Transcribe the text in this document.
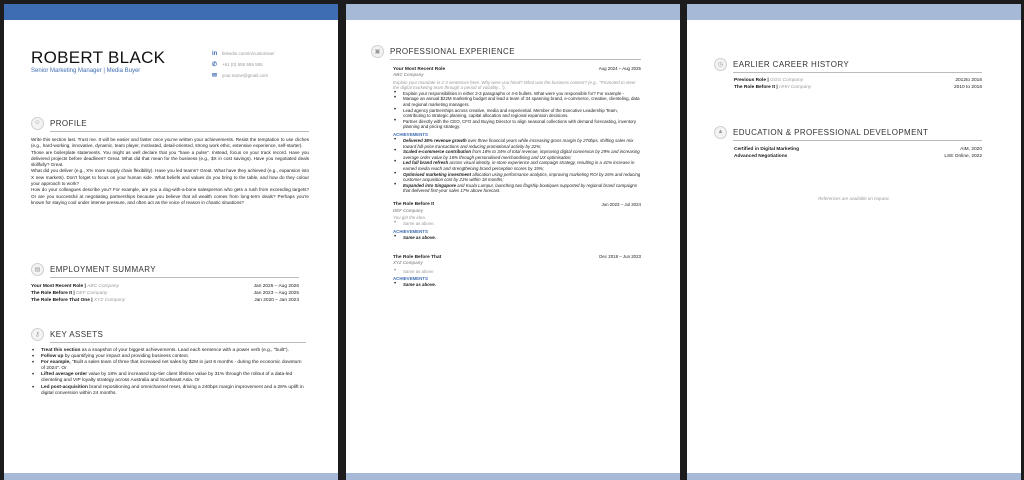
ROBERT BLACK
Senior Marketing Manager | Media Buyer
in	linkedin.com/in/customise/
✆	+61 (0) 555 555 555
✉	your.name@gmail.com
☺	PROFILE

Write this section last. Trust me. It will be easier and faster once you've written your achievements. Resist the temptation to use cliches (e.g., hard-working, innovative, dynamic, team player, motivated, detail-oriented, strong work ethic, extensive experience, self-starter).

Those are boilerplate statements. You might as well declare that you "have a pulse". Instead, focus on your track record. Have you delivered projects before deadlines? Great. What did that mean for the business (e.g., $X in cost savings). Have you negotiated deals skillfully? Great.

What did you deliver (e.g., X% more supply chain flexibility). Have you led teams? Great. What have they achieved (e.g., expansion into X new markets). Don't forget to focus on your human side. What beliefs and values do you bring to the table, and how do they colour your approach to work?

How do your colleagues describe you? For example, are you a dog-with-a-bone salesperson who gets a rush from exceeding targets? Or are you successful at negotiating partnerships because you believe that all wealth comes from long-term deals? Perhaps you're known for staying cool under intense pressure, and often act as the voice of reason in chaotic situations?

▤	EMPLOYMENT SUMMARY
Your Most Recent Role | ABC Company	Jan 2025 – Aug 2026
The Role Before It | DEF Company	Jan 2023 – Aug 2025
The Role Before That One | XYZ Company	Jan 2020 – Jan 2023
⚷	KEY ASSETS
• Treat this section as a snapshot of your biggest achievements. Lead each sentence with a power verb (e.g., "built").
• Follow up by quantifying your impact and providing business context.
• For example, "Built a sales team of three that increased net sales by $2M in just 6 months - during the economic downturn of 2024". Or
• Lifted average order value by 18% and increased top-tier client lifetime value by 31% through the rollout of a data-led clienteling and VIP loyalty strategy across Australia and Southeast Asia. Or
• Led post-acquisition brand repositioning and omnichannel reset, driving a 240bps margin improvement and a 28% uplift in digital conversion within 24 months.
▣	PROFESSIONAL EXPERIENCE
Your Most Recent Role	Aug 2024 – Aug 2025
ABC Company
Explain your mandate in 2-3 sentences here. Why were you hired? What was the business context? (e.g., "Promoted to steer the digital marketing team through a period of volatility...").
• Explain your responsibilities in either 2-3 paragraphs or 4-6 bullets. What were you responsible for? For example -
• Manage an annual $22M marketing budget and lead a team of 34 spanning brand, e-commerce, creative, clienteling, data and regional marketing managers.
• Lead agency partnerships across creative, media and experiential. Member of the Executive Leadership Team, contributing to strategic planning, capital allocation and regional expansion decisions.
• Partner directly with the CEO, CFO and Buying Director to align seasonal collections with demand forecasting, inventory planning and pricing strategy.
ACHIEVEMENTS
• Delivered 38% revenue growth over three financial years while increasing gross margin by 270bps, shifting sales mix toward full-price transactions and reducing promotional activity by 22%;
• Scaled e-commerce contribution from 18% to 34% of total revenue, improving digital conversion by 29% and increasing average order value by 16% through personalised merchandising and UX optimisation;
• Led full brand refresh across visual identity, in-store experience and campaign strategy, resulting in a 41% increase in earned media reach and strengthening brand perception scores by 19%;
• Optimised marketing investment allocation using performance analytics, improving marketing ROI by 26% and reducing customer acquisition cost by 21% within 18 months;
• Expanded into Singapore and Kuala Lumpur, launching two flagship boutiques supported by regional brand campaigns that delivered first-year sales 17% above forecast.
The Role Before It	Jun 2023 – Jul 2024
DEF Company
You get the idea.
• Same as above.
ACHIEVEMENTS
• Same as above.
The Role Before That	Dec 2018 – Jun 2023
XYZ Company
• Same as above
ACHIEVEMENTS
• Same as above.
◷	EARLIER CAREER HISTORY
Previous Role | GGG Company	2012to 2016
The Role Before It | HHH Company	2010 to 2016
▲	EDUCATION & PROFESSIONAL DEVELOPMENT
Certified in Digital Marketing	AIM, 2020
Advanced Negotiations	LSE Online, 2022
References are available on request.
